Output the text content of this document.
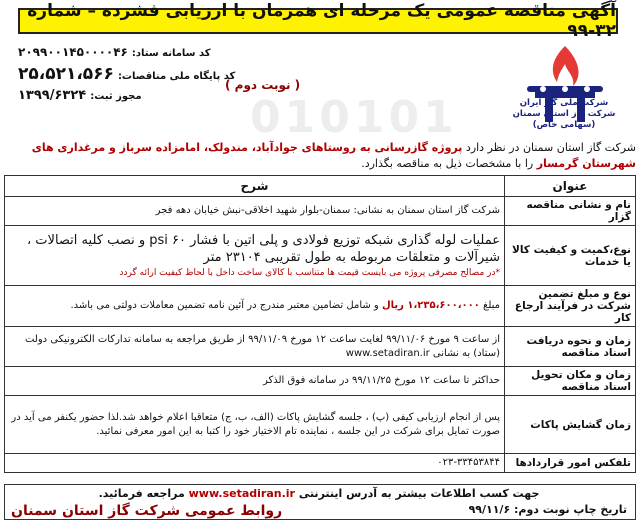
آگهی مناقصه عمومی یک مرحله ای همزمان با ارزیابی فشرده – شماره ۳۲-۹۹
010101	شرکت ملی گاز ایران
شرکت گاز استان سمنان
(سهامی خاص)
کد سامانه ستاد:
۲۰۹۹۰۰۱۴۵۰۰۰۰۴۶
کد پایگاه ملی مناقصات:
۲۵،۵۲۱،۵۶۶
مجوز ثبت:
۱۳۹۹/۶۳۲۴
( نوبت دوم )
شرکت گاز استان سمنان در نظر دارد پروژه گازرسانی به روستاهای جوادآباد، مندولک، امامزاده سرباز و مرغداری های شهرستان گرمسار را با مشخصات ذیل به مناقصه بگذارد.
عنوان	شرح
نام و نشانی مناقصه گزار	شرکت گاز استان سمنان به نشانی: سمنان-بلوار شهید اخلاقی-نبش خیابان دهه فجر
نوع،کمیت و کیفیت کالا یا خدمات	عملیات لوله گذاری شبکه توزیع فولادی و پلی اتین با فشار ۶۰ psi و نصب کلیه اتصالات ، شیرآلات و متعلقات مربوطه به طول تقریبی ۲۳۱۰۴ متر
*در مصالح مصرفی پروژه می بایست قیمت ها متناسب با کالای ساخت داخل با لحاظ کیفیت ارائه گردد

نوع و مبلغ تضمین شرکت در فرآیند ارجاع کار	مبلغ ۱،۲۳۵،۶۰۰،۰۰۰ ریال و شامل تضامین معتبر مندرج در آئین نامه تضمین معاملات دولتی می باشد.
زمان و نحوه دریافت اسناد مناقصه	از ساعت ۹ مورخ ۹۹/۱۱/۰۶ لغایت ساعت ۱۲ مورخ ۹۹/۱۱/۰۹ از طریق مراجعه به سامانه تدارکات الکترونیکی دولت (ستاد) به نشانی www.setadiran.ir
زمان و مکان تحویل اسناد مناقصه	حداکثر تا ساعت ۱۲ مورخ ۹۹/۱۱/۲۵ در سامانه فوق الذکر
زمان گشایش پاکات	پس از انجام ارزیابی کیفی (پ) ، جلسه گشایش پاکات (الف، ب، ج) متعاقبا اعلام خواهد شد.لذا حضور یکنفر می آید در صورت تمایل برای شرکت در این جلسه ، نماینده تام الاختیار خود را کتبا به این امور معرفی نمائید.
تلفکس امور قراردادها	۰۲۳-۳۳۴۵۳۸۴۴
جهت کسب اطلاعات بیشتر به آدرس اینترنتی www.setadiran.ir مراجعه فرمائید.
تاریخ چاپ نوبت دوم: ۹۹/۱۱/۶
روابط عمومی شرکت گاز استان سمنان
